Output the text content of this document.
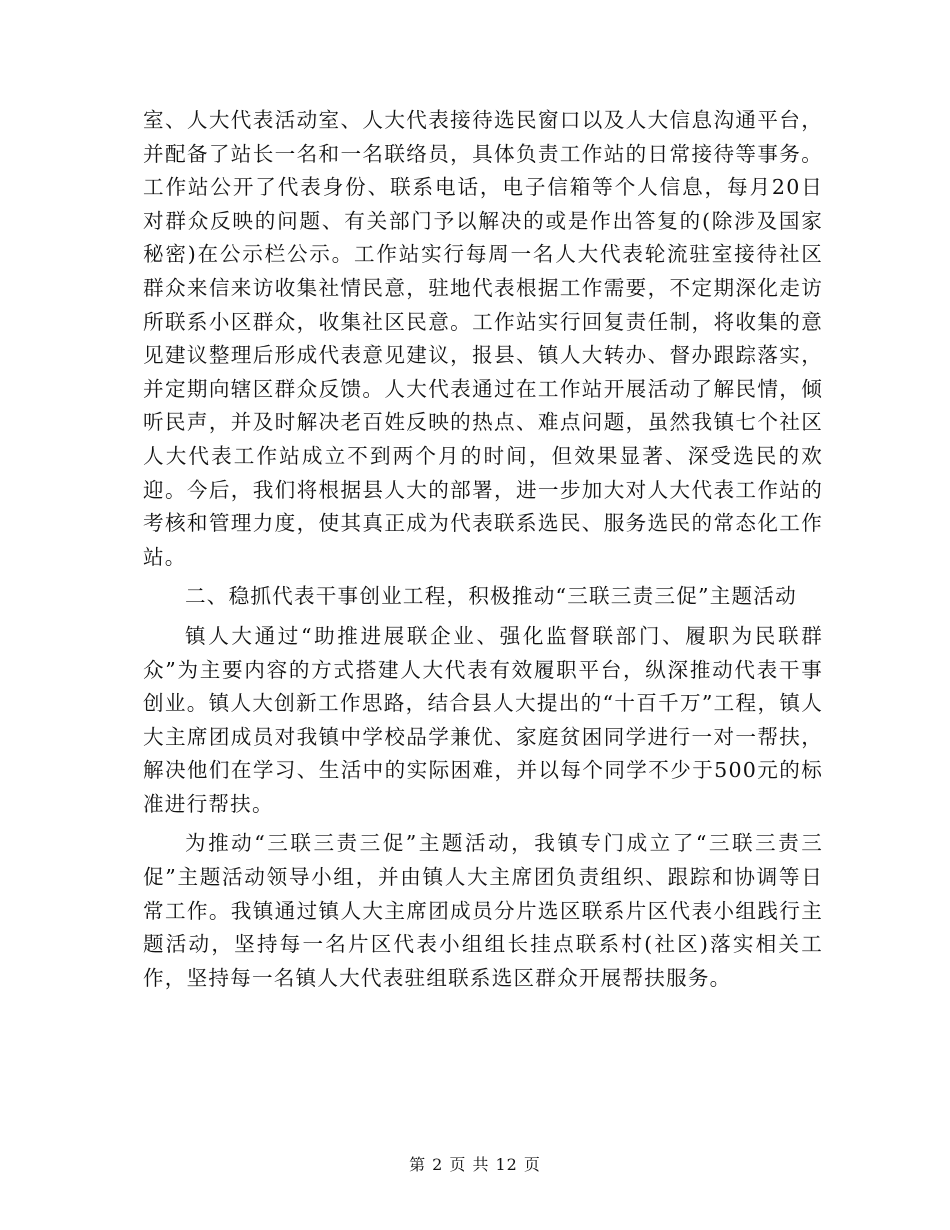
室、人大代表活动室、人大代表接待选民窗口以及人大信息沟通平台，并配备了站长一名和一名联络员，具体负责工作站的日常接待等事务。工作站公开了代表身份、联系电话，电子信箱等个人信息，每月20日对群众反映的问题、有关部门予以解决的或是作出答复的(除涉及国家秘密)在公示栏公示。工作站实行每周一名人大代表轮流驻室接待社区群众来信来访收集社情民意，驻地代表根据工作需要，不定期深化走访所联系小区群众，收集社区民意。工作站实行回复责任制，将收集的意见建议整理后形成代表意见建议，报县、镇人大转办、督办跟踪落实，并定期向辖区群众反馈。人大代表通过在工作站开展活动了解民情，倾听民声，并及时解决老百姓反映的热点、难点问题，虽然我镇七个社区人大代表工作站成立不到两个月的时间，但效果显著、深受选民的欢迎。今后，我们将根据县人大的部署，进一步加大对人大代表工作站的考核和管理力度，使其真正成为代表联系选民、服务选民的常态化工作站。

二、稳抓代表干事创业工程，积极推动“三联三责三促”主题活动

镇人大通过“助推进展联企业、强化监督联部门、履职为民联群众”为主要内容的方式搭建人大代表有效履职平台，纵深推动代表干事创业。镇人大创新工作思路，结合县人大提出的“十百千万”工程，镇人大主席团成员对我镇中学校品学兼优、家庭贫困同学进行一对一帮扶，解决他们在学习、生活中的实际困难，并以每个同学不少于500元的标准进行帮扶。

为推动“三联三责三促”主题活动，我镇专门成立了“三联三责三促”主题活动领导小组，并由镇人大主席团负责组织、跟踪和协调等日常工作。我镇通过镇人大主席团成员分片选区联系片区代表小组践行主题活动，坚持每一名片区代表小组组长挂点联系村(社区)落实相关工作，坚持每一名镇人大代表驻组联系选区群众开展帮扶服务。

第 2 页 共 12 页
